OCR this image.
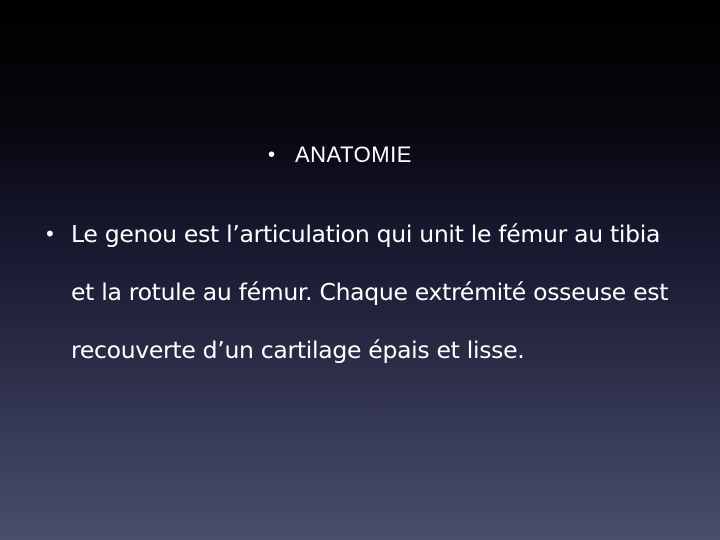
• ANATOMIE
• Le genou est l’articulation qui unit le fémur au tibia et la rotule au fémur. Chaque extrémité osseuse est recouverte d’un cartilage épais et lisse.
